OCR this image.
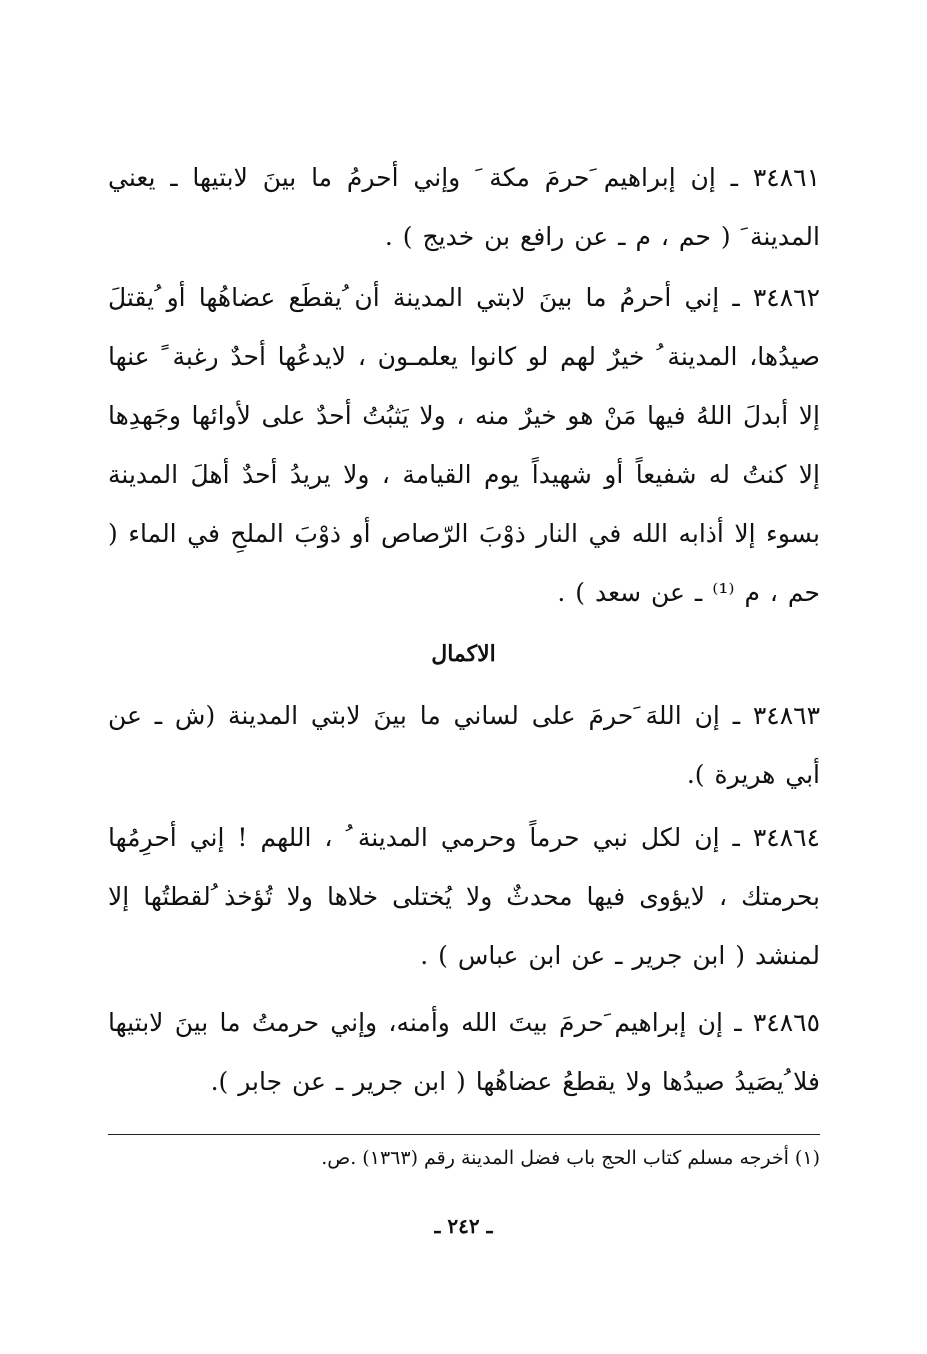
٣٤٨٦١ ـ إن إبراهيم َحرمَ مكة َ وإني أحرمُ ما بينَ لابتيها ـ يعني المدينة َ ( حم ، م ـ عن رافع بن خديج ) .

٣٤٨٦٢ ـ إني أحرمُ ما بينَ لابتي المدينة أن ُيقطَع عضاهُها أو ُيقتلَ صيدُها، المدينة ُ خيرٌ لهم لو كانوا يعلمـون ، لايدعُها أحدٌ رغبة ً عنها إلا أبدلَ اللهُ فيها مَنْ هو خيرٌ منه ، ولا يَثبُتُ أحدٌ على لأوائها وجَهدِها إلا كنتُ له شفيعاً أو شهيداً يوم القيامة ، ولا يريدُ أحدٌ أهلَ المدينة بسوء إلا أذابه الله في النار ذوْبَ الرّصاص أو ذوْبَ الملحِ في الماء ( حم ، م ⁽¹⁾ ـ عن سعد ) .

الاكمال

٣٤٨٦٣ ـ إن اللهَ َحرمَ على لساني ما بينَ لابتي المدينة (ش ـ عن أبي هريرة ).

٣٤٨٦٤ ـ إن لكل نبي حرماً وحرمي المدينة ُ ، اللهم ! إني أحرِمُها بحرمتك ، لايؤوى فيها محدثٌ ولا يُختلى خلاها ولا تُؤخذ ُلقطتُها إلا لمنشد ( ابن جرير ـ عن ابن عباس ) .

٣٤٨٦٥ ـ إن إبراهيم َحرمَ بيتَ الله وأمنه، وإني حرمتُ ما بينَ لابتيها فلا ُيصَيدُ صيدُها ولا يقطعُ عضاهُها ( ابن جرير ـ عن جابر ).

(١) أخرجه مسلم كتاب الحج باب فضل المدينة رقم (١٣٦٣) .ص.
ـ ٢٤٢ ـ
